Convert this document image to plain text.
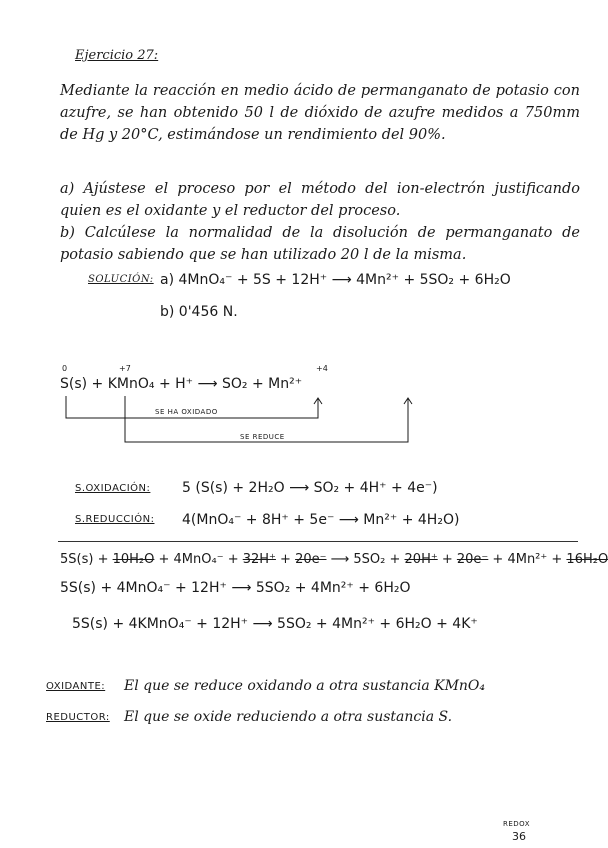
Ejercicio 27:
Mediante la reacción en medio ácido de permanganato de potasio con azufre, se han obtenido 50 l de dióxido de azufre medidos a 750mm de Hg y 20°C, estimándose un rendimiento del 90%.
a) Ajústese el proceso por el método del ion-electrón justificando quien es el oxidante y el reductor del proceso.
b) Calcúlese la normalidad de la disolución de permanganato de potasio sabiendo que se han utilizado 20 l de la misma.
SOLUCIÓN: a) 4MnO₄⁻ + 5S + 12H⁺ ⟶ 4Mn²⁺ + 5SO₂ + 6H₂O
b) 0'456 N.
0	+7	+4
S(s) + KMnO₄ + H⁺ ⟶ SO₂ + Mn²⁺
SE HA OXIDADO
SE REDUCE
S.OXIDACIÓN: 5 (S(s) + 2H₂O ⟶ SO₂ + 4H⁺ + 4e⁻)
S.REDUCCIÓN: 4(MnO₄⁻ + 8H⁺ + 5e⁻ ⟶ Mn²⁺ + 4H₂O)
5S(s) + 10H₂O + 4MnO₄⁻ + 32H⁺ + 20e⁻ ⟶ 5SO₂ + 20H⁺ + 20e⁻ + 4Mn²⁺ + 16H₂O
5S(s) + 4MnO₄⁻ + 12H⁺ ⟶ 5SO₂ + 4Mn²⁺ + 6H₂O
5S(s) + 4KMnO₄⁻ + 12H⁺ ⟶ 5SO₂ + 4Mn²⁺ + 6H₂O + 4K⁺
OXIDANTE: El que se reduce oxidando a otra sustancia KMnO₄
REDUCTOR: El que se oxide reduciendo a otra sustancia S.
REDOX
36
